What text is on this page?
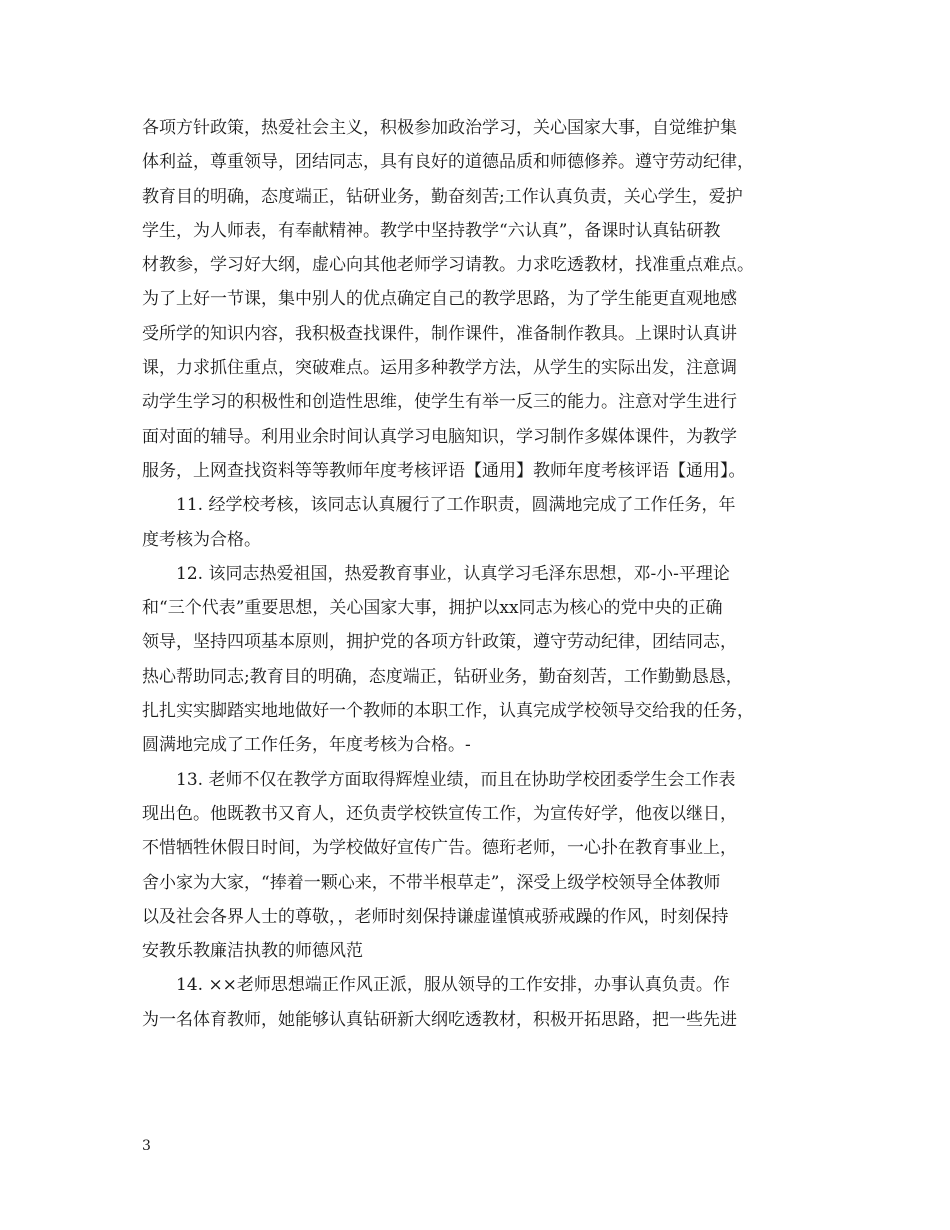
各项方针政策，热爱社会主义，积极参加政治学习，关心国家大事，自觉维护集
体利益，尊重领导，团结同志，具有良好的道德品质和师德修养。遵守劳动纪律，
教育目的明确，态度端正，钻研业务，勤奋刻苦;工作认真负责，关心学生，爱护
学生，为人师表，有奉献精神。教学中坚持教学“六认真”，备课时认真钻研教
材教参，学习好大纲，虚心向其他老师学习请教。力求吃透教材，找准重点难点。
为了上好一节课，集中别人的优点确定自己的教学思路，为了学生能更直观地感
受所学的知识内容，我积极查找课件，制作课件，准备制作教具。上课时认真讲
课，力求抓住重点，突破难点。运用多种教学方法，从学生的实际出发，注意调
动学生学习的积极性和创造性思维，使学生有举一反三的能力。注意对学生进行
面对面的辅导。利用业余时间认真学习电脑知识，学习制作多媒体课件，为教学
服务，上网查找资料等等教师年度考核评语【通用】教师年度考核评语【通用】。
11. 经学校考核，该同志认真履行了工作职责，圆满地完成了工作任务，年
度考核为合格。
12. 该同志热爱祖国，热爱教育事业，认真学习毛泽东思想，邓-小-平理论
和“三个代表”重要思想，关心国家大事，拥护以xx同志为核心的党中央的正确
领导，坚持四项基本原则，拥护党的各项方针政策，遵守劳动纪律，团结同志，
热心帮助同志;教育目的明确，态度端正，钻研业务，勤奋刻苦，工作勤勤恳恳，
扎扎实实脚踏实地地做好一个教师的本职工作，认真完成学校领导交给我的任务，
圆满地完成了工作任务，年度考核为合格。-
13. 老师不仅在教学方面取得辉煌业绩，而且在协助学校团委学生会工作表
现出色。他既教书又育人，还负责学校铁宣传工作，为宣传好学，他夜以继日，
不惜牺牲休假日时间，为学校做好宣传广告。德珩老师，一心扑在教育事业上，
舍小家为大家，“捧着一颗心来，不带半根草走”，深受上级学校领导全体教师
以及社会各界人士的尊敬，，老师时刻保持谦虚谨慎戒骄戒躁的作风，时刻保持
安教乐教廉洁执教的师德风范
14. ××老师思想端正作风正派，服从领导的工作安排，办事认真负责。作
为一名体育教师，她能够认真钻研新大纲吃透教材，积极开拓思路，把一些先进
3
